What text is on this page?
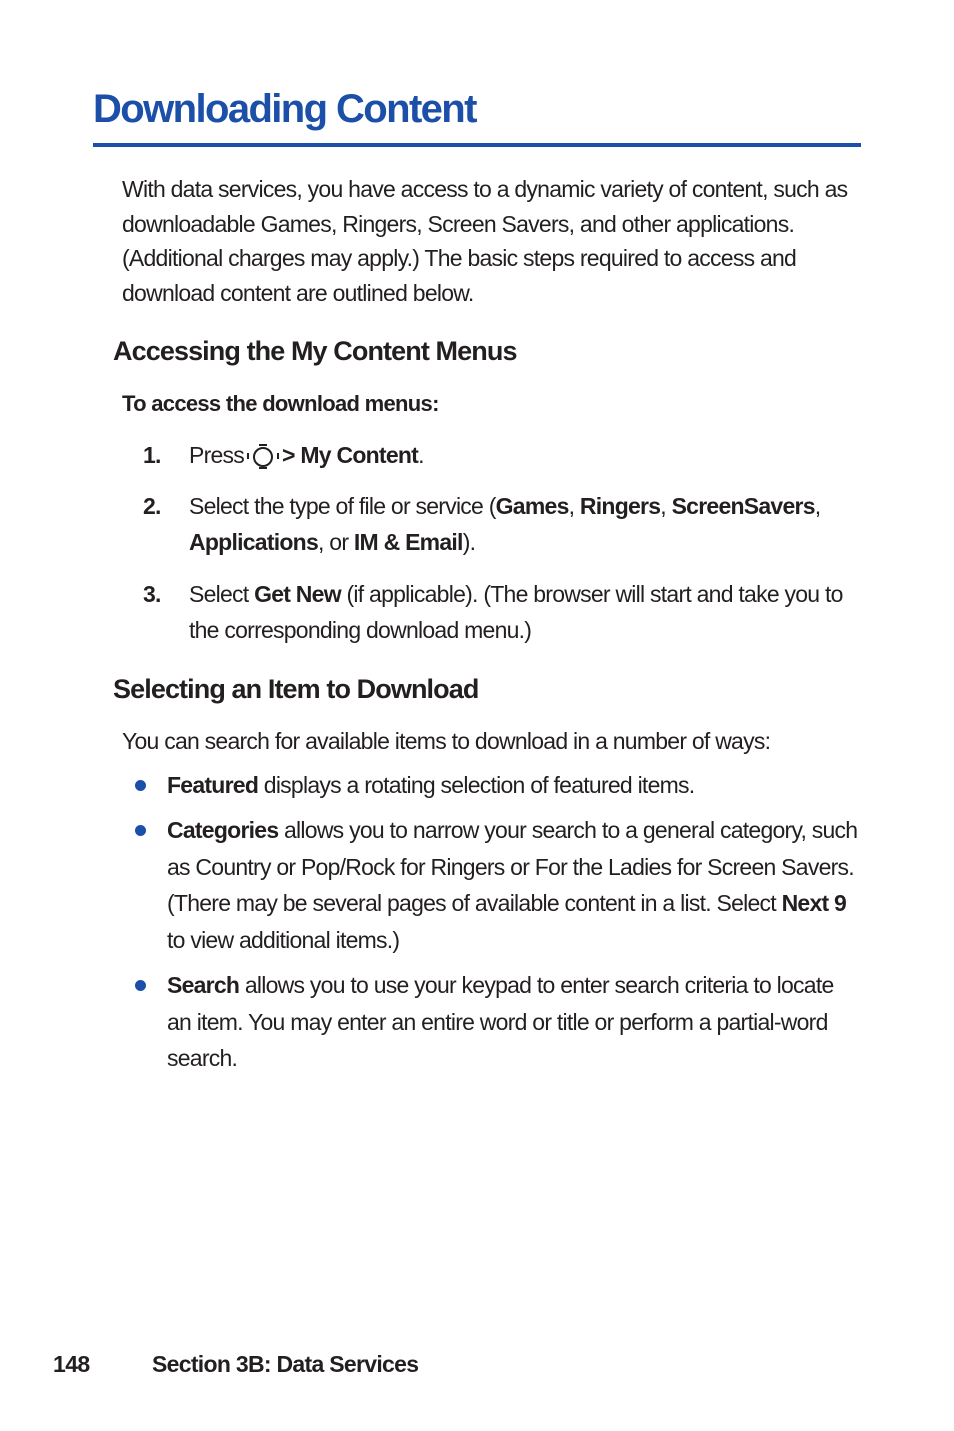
Downloading Content

With data services, you have access to a dynamic variety of content, such as downloadable Games, Ringers, Screen Savers, and other applications. (Additional charges may apply.) The basic steps required to access and download content are outlined below.

Accessing the My Content Menus
To access the download menus:
1. Press > My Content.
2. Select the type of file or service (Games, Ringers, ScreenSavers, Applications, or IM & Email).
3. Select Get New (if applicable). (The browser will start and take you to the corresponding download menu.)
Selecting an Item to Download

You can search for available items to download in a number of ways:

Featured displays a rotating selection of featured items.
Categories allows you to narrow your search to a general category, such as Country or Pop/Rock for Ringers or For the Ladies for Screen Savers. (There may be several pages of available content in a list. Select Next 9 to view additional items.)
Search allows you to use your keypad to enter search criteria to locate an item. You may enter an entire word or title or perform a partial-word search.

148	Section 3B: Data Services
